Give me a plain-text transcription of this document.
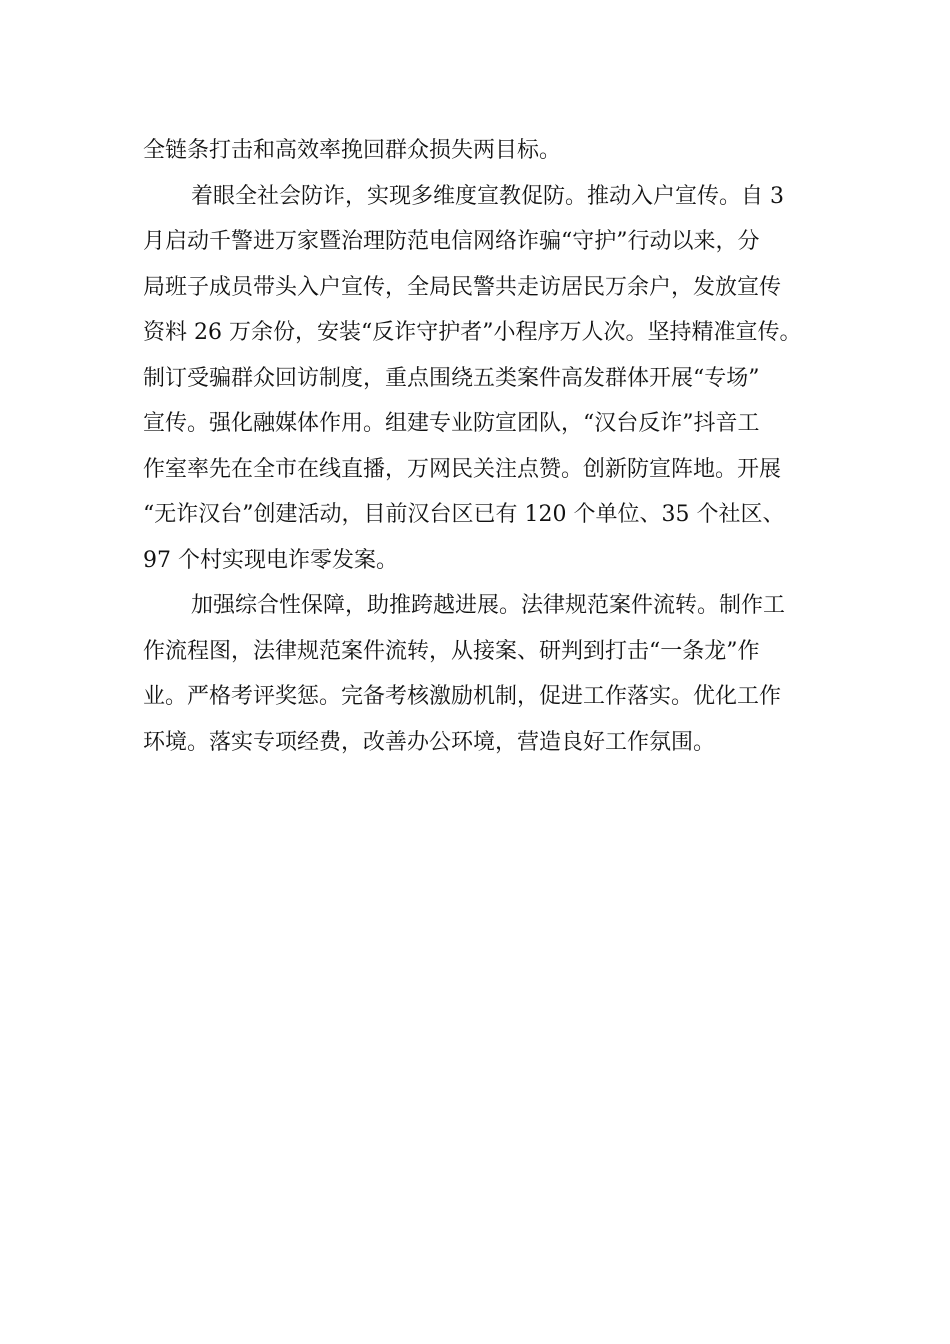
全链条打击和高效率挽回群众损失两目标。
着眼全社会防诈，实现多维度宣教促防。推动入户宣传。自 3
月启动千警进万家暨治理防范电信网络诈骗“守护”行动以来，分
局班子成员带头入户宣传，全局民警共走访居民万余户，发放宣传
资料 26 万余份，安装“反诈守护者”小程序万人次。坚持精准宣传。
制订受骗群众回访制度，重点围绕五类案件高发群体开展“专场”
宣传。强化融媒体作用。组建专业防宣团队，“汉台反诈”抖音工
作室率先在全市在线直播，万网民关注点赞。创新防宣阵地。开展
“无诈汉台”创建活动，目前汉台区已有 120 个单位、35 个社区、
97 个村实现电诈零发案。
加强综合性保障，助推跨越进展。法律规范案件流转。制作工
作流程图，法律规范案件流转，从接案、研判到打击“一条龙”作
业。严格考评奖惩。完备考核激励机制，促进工作落实。优化工作
环境。落实专项经费，改善办公环境，营造良好工作氛围。
